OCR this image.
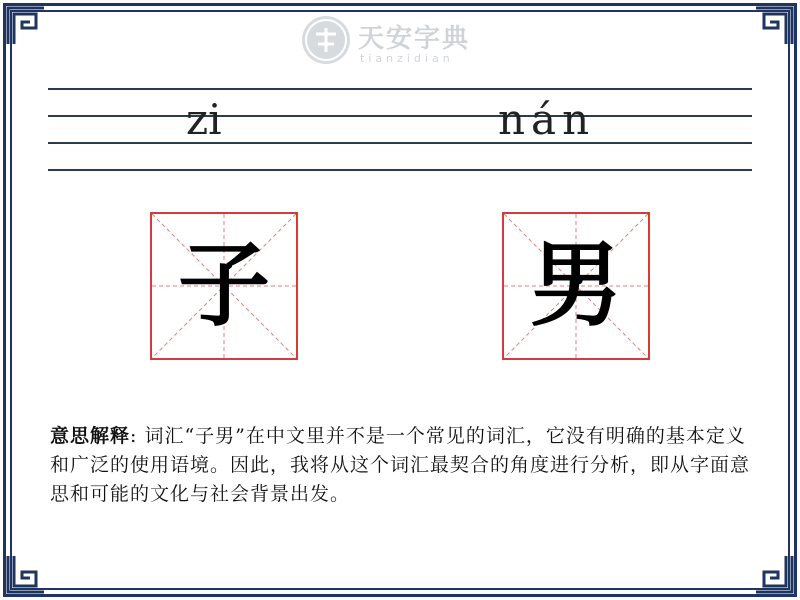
天安字典
tianzidian
zi	nán
子	男
意思解释: 词汇“子男”在中文里并不是一个常见的词汇，它没有明确的基本定义和广泛的使用语境。因此，我将从这个词汇最契合的角度进行分析，即从字面意思和可能的文化与社会背景出发。
